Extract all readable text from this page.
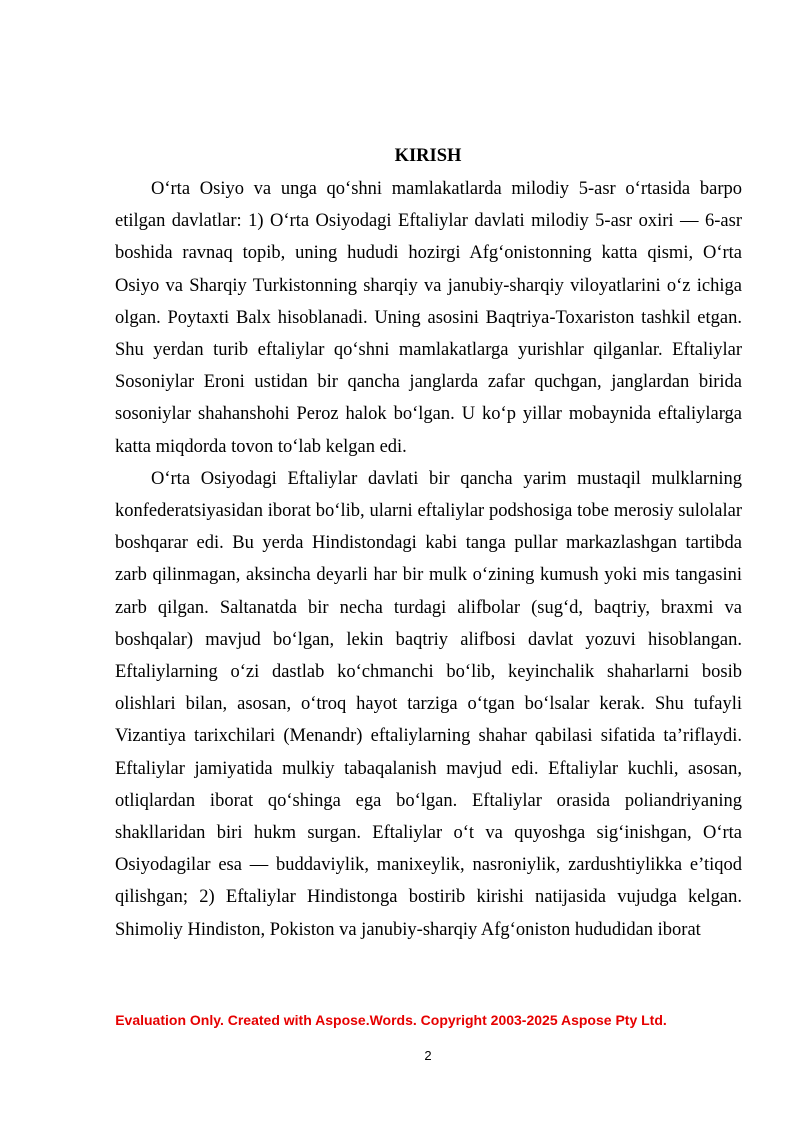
KIRISH

O‘rta Osiyo va unga qo‘shni mamlakatlarda milodiy 5-asr o‘rtasida barpo etilgan davlatlar: 1) O‘rta Osiyodagi Eftaliylar davlati milodiy 5-asr oxiri — 6-asr boshida ravnaq topib, uning hududi hozirgi Afg‘onistonning katta qismi, O‘rta Osiyo va Sharqiy Turkistonning sharqiy va janubiy-sharqiy viloyatlarini o‘z ichiga olgan. Poytaxti Balx hisoblanadi. Uning asosini Baqtriya-Toxariston tashkil etgan. Shu yerdan turib eftaliylar qo‘shni mamlakatlarga yurishlar qilganlar. Eftaliylar Sosoniylar Eroni ustidan bir qancha janglarda zafar quchgan, janglardan birida sosoniylar shahanshohi Peroz halok bo‘lgan. U ko‘p yillar mobaynida eftaliylarga katta miqdorda tovon to‘lab kelgan edi.

O‘rta Osiyodagi Eftaliylar davlati bir qancha yarim mustaqil mulklarning konfederatsiyasidan iborat bo‘lib, ularni eftaliylar podshosiga tobe merosiy sulolalar boshqarar edi. Bu yerda Hindistondagi kabi tanga pullar markazlashgan tartibda zarb qilinmagan, aksincha deyarli har bir mulk o‘zining kumush yoki mis tangasini zarb qilgan. Saltanatda bir necha turdagi alifbolar (sug‘d, baqtriy, braxmi va boshqalar) mavjud bo‘lgan, lekin baqtriy alifbosi davlat yozuvi hisoblangan. Eftaliylarning o‘zi dastlab ko‘chmanchi bo‘lib, keyinchalik shaharlarni bosib olishlari bilan, asosan, o‘troq hayot tarziga o‘tgan bo‘lsalar kerak. Shu tufayli Vizantiya tarixchilari (Menandr) eftaliylarning shahar qabilasi sifatida ta’riflaydi. Eftaliylar jamiyatida mulkiy tabaqalanish mavjud edi. Eftaliylar kuchli, asosan, otliqlardan iborat qo‘shinga ega bo‘lgan. Eftaliylar orasida poliandriyaning shakllaridan biri hukm surgan. Eftaliylar o‘t va quyoshga sig‘inishgan, O‘rta Osiyodagilar esa — buddaviylik, manixeylik, nasroniylik, zardushtiylikka e’tiqod qilishgan; 2) Eftaliylar Hindistonga bostirib kirishi natijasida vujudga kelgan. Shimoliy Hindiston, Pokiston va janubiy-sharqiy Afg‘oniston hududidan iborat

Evaluation Only. Created with Aspose.Words. Copyright 2003-2025 Aspose Pty Ltd.

2
